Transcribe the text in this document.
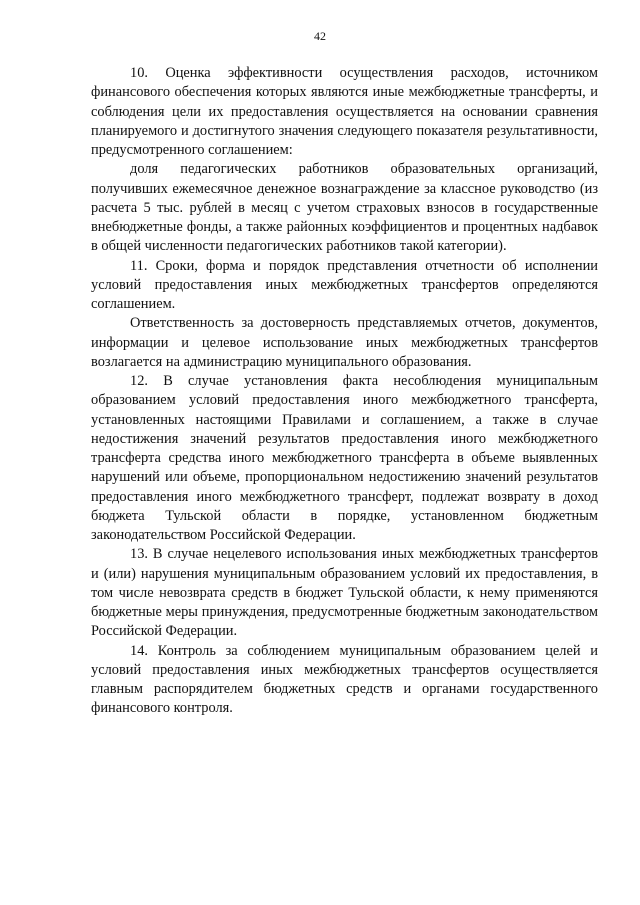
42

10. Оценка эффективности осуществления расходов, источником финансового обеспечения которых являются иные межбюджетные трансферты, и соблюдения цели их предоставления осуществляется на основании сравнения планируемого и достигнутого значения следующего показателя результативности, предусмотренного соглашением:

доля педагогических работников образовательных организаций, получивших ежемесячное денежное вознаграждение за классное руководство (из расчета 5 тыс. рублей в месяц с учетом страховых взносов в государственные внебюджетные фонды, а также районных коэффициентов и процентных надбавок в общей численности педагогических работников такой категории).

11. Сроки, форма и порядок представления отчетности об исполнении условий предоставления иных межбюджетных трансфертов определяются соглашением.

Ответственность за достоверность представляемых отчетов, документов, информации и целевое использование иных межбюджетных трансфертов возлагается на администрацию муниципального образования.

12. В случае установления факта несоблюдения муниципальным образованием условий предоставления иного межбюджетного трансферта, установленных настоящими Правилами и соглашением, а также в случае недостижения значений результатов предоставления иного межбюджетного трансферта средства иного межбюджетного трансферта в объеме выявленных нарушений или объеме, пропорциональном недостижению значений результатов предоставления иного межбюджетного трансферт, подлежат возврату в доход бюджета Тульской области в порядке, установленном бюджетным законодательством Российской Федерации.

13. В случае нецелевого использования иных межбюджетных трансфертов и (или) нарушения муниципальным образованием условий их предоставления, в том числе невозврата средств в бюджет Тульской области, к нему применяются бюджетные меры принуждения, предусмотренные бюджетным законодательством Российской Федерации.

14. Контроль за соблюдением муниципальным образованием целей и условий предоставления иных межбюджетных трансфертов осуществляется главным распорядителем бюджетных средств и органами государственного финансового контроля.
